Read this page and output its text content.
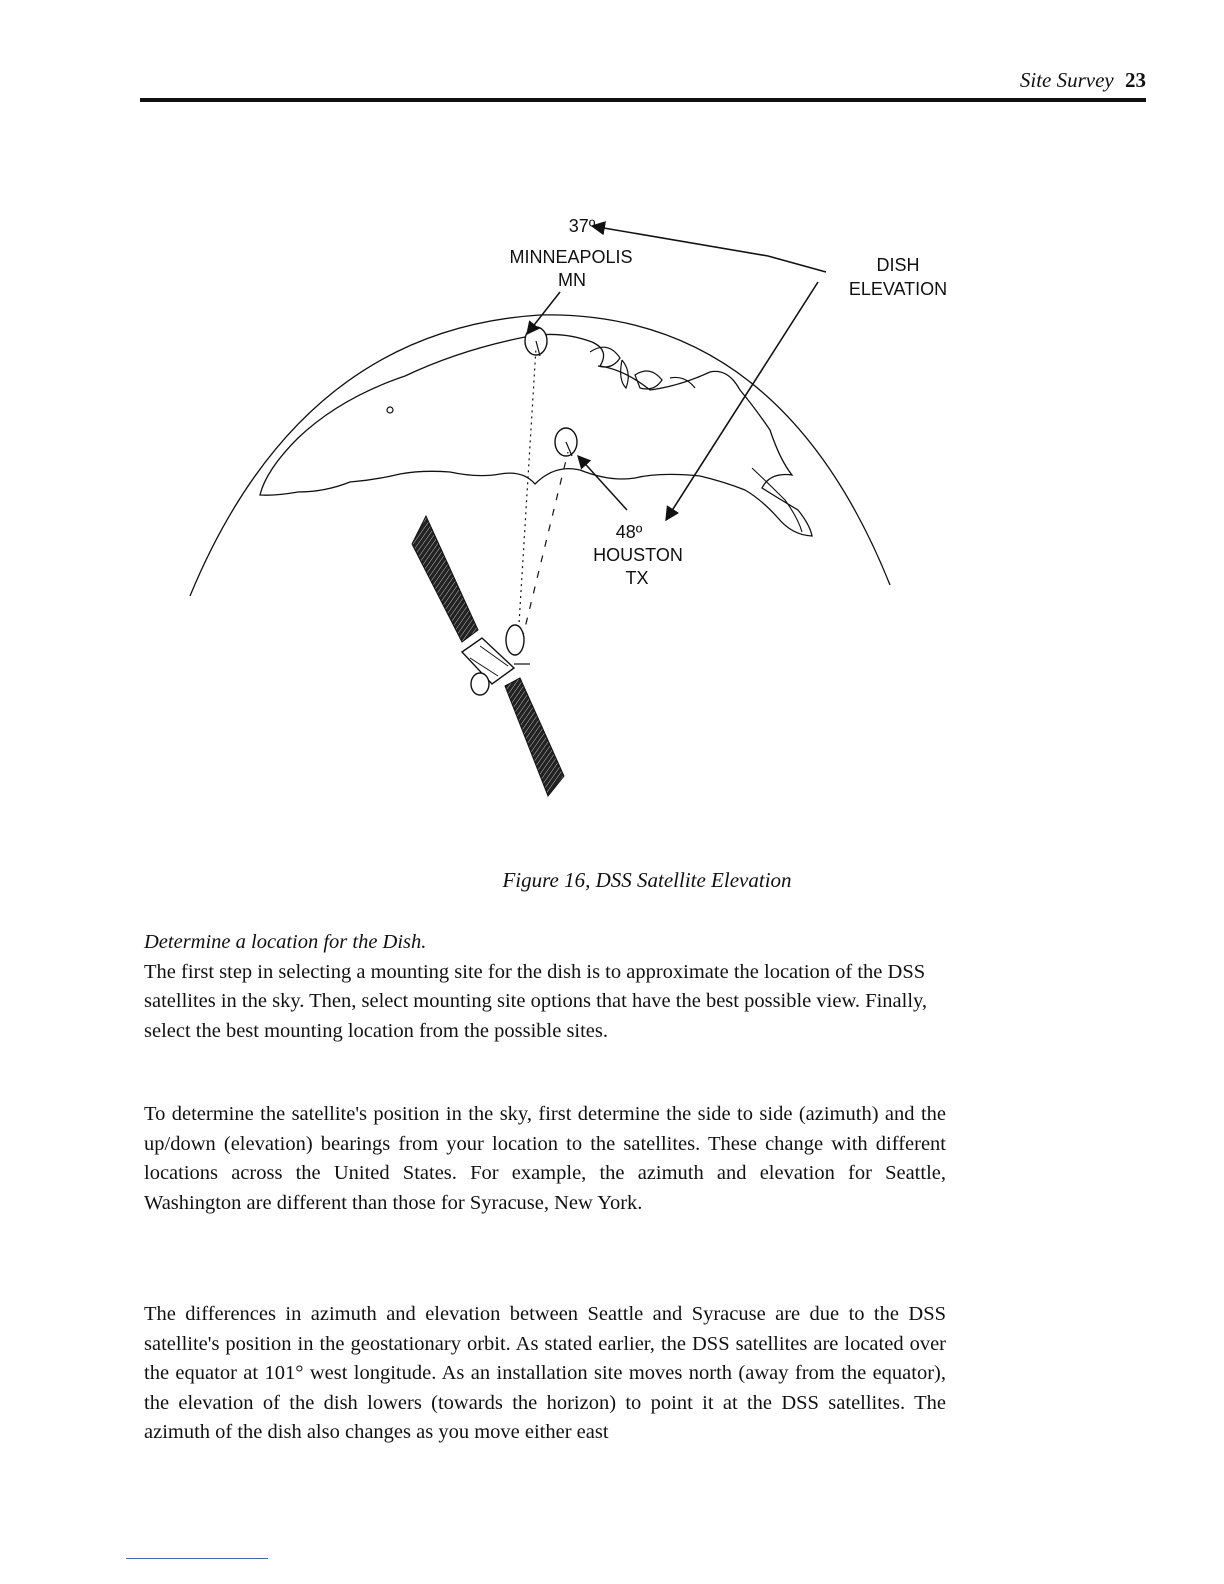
Site Survey 23
37º
MINNEAPOLIS
MN
DISH
ELEVATION
48º
HOUSTON
TX
Figure 16, DSS Satellite Elevation
Determine a location for the Dish.
The first step in selecting a mounting site for the dish is to approximate the location of the DSS satellites in the sky. Then, select mounting site options that have the best possible view. Finally, select the best mounting location from the possible sites.
To determine the satellite's position in the sky, first determine the side to side (azimuth) and the up/down (elevation) bearings from your location to the satellites. These change with different locations across the United States. For example, the azimuth and elevation for Seattle, Washington are different than those for Syracuse, New York.
The differences in azimuth and elevation between Seattle and Syracuse are due to the DSS satellite's position in the geostationary orbit. As stated earlier, the DSS satellites are located over the equator at 101° west longitude. As an installation site moves north (away from the equator), the elevation of the dish lowers (towards the horizon) to point it at the DSS satellites. The azimuth of the dish also changes as you move either east
